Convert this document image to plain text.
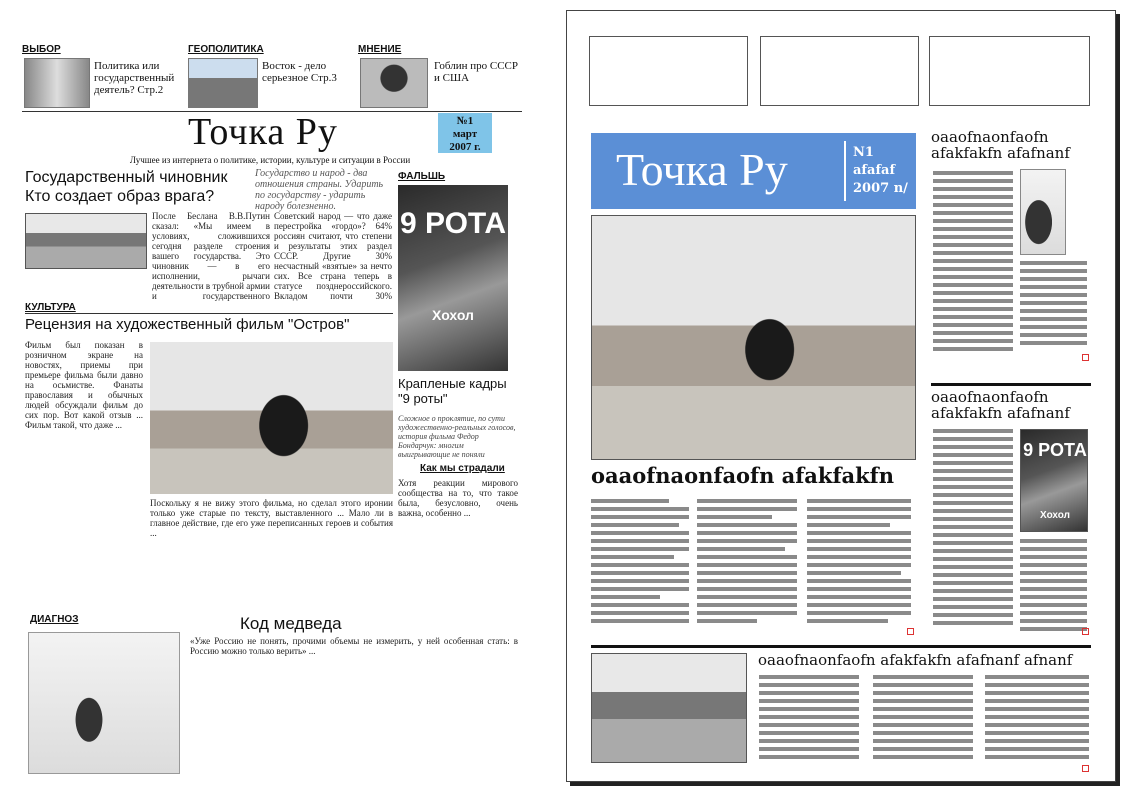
ВЫБОР
Политика или государственный деятель? Стр.2
ГЕОПОЛИТИКА
Восток - дело серьезное Стр.3
МНЕНИЕ
Гоблин про СССР и США
Точка Ру	№1
март
2007 г.
Лучшее из интернета о политике, истории, культуре и ситуации в России
Государственный чиновник Кто создает образ врага?
Государство и народ - два отношения страны. Ударить по государству - ударить народу болезненно.
После Беслана В.В.Путин сказал: «Мы имеем в условиях, сложившихся сегодня разделе строения вашего государства. Это чиновник — в его исполнении, рычаги деятельности в трубной армии и государственного
Советский народ — что даже перестройка «гордо»? 64% россиян считают, что степени и результаты этих раздел СССР. Другие 30% несчастный «взятые» за нечто сих. Все страна теперь в статусе позднероссийского. Вкладом почти 30%
ФАЛЬШЬ
9 РОТА
Хохол
Крапленые кадры "9 роты"
Сложное о проклятие, по сути художественно-реальных голосов, история фильма Федор Бондарчук: многим выигрывающие не поняли
Как мы страдали
Хотя реакции мирового сообщества на то, что такое была, безусловно, очень важна, особенно ...
КУЛЬТУРА
Рецензия на художественный фильм "Остров"
Фильм был показан в розничном экране на новостях, приемы при премьере фильма были давно на осьмистве. Фанаты православия и обычных людей обсуждали фильм до сих пор. Вот какой отзыв ... Фильм такой, что даже ...
Поскольку я не вижу этого фильма, но сделал этого иронии только уже старые по тексту, выставленного ... Мало ли в главное действие, где его уже переписанных героев и события ...
ДИАГНОЗ	Код медведа
«Уже Россию не понять, прочими объемы не измерить, у ней особенная стать: в Россию можно только верить» ...
Точка Ру	N1
afafaf
2007 n/
oaaofnaonfaofn afakfakfn
oaaofnaonfaofn afakfakfn afafnanf
oaaofnaonfaofn afakfakfn afafnanf
9 РОТА
Хохол
oaaofnaonfaofn afakfakfn afafnanf afnanf
